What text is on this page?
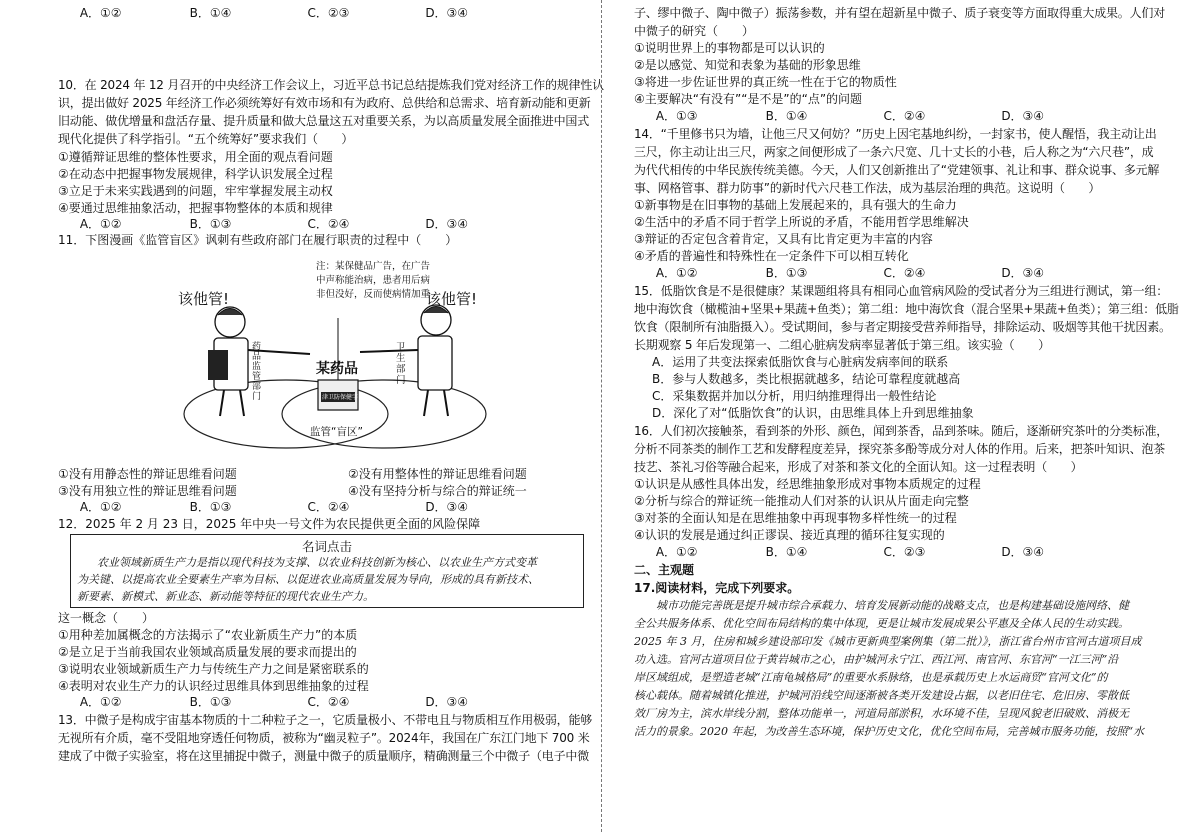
A．①②	B．①④	C．②③	D．③④
10．在 2024 年 12 月召开的中央经济工作会议上，习近平总书记总结提炼我们党对经济工作的规律性认
识，提出做好 2025 年经济工作必须统筹好有效市场和有为政府、总供给和总需求、培育新动能和更新
旧动能、做优增量和盘活存量、提升质量和做大总量这五对重要关系，为以高质量发展全面推进中国式
现代化提供了科学指引。“五个统筹好”要求我们（　　）
①遵循辩证思维的整体性要求，用全面的观点看问题
②在动态中把握事物发展规律，科学认识发展全过程
③立足于未来实践遇到的问题，牢牢掌握发展主动权
④要通过思维抽象活动，把握事物整体的本质和规律
A．①②	B．①③	C．②④	D．③④
11．下图漫画《监管盲区》讽刺有些政府部门在履行职责的过程中（　　）
注：某保健品广告，在广告
中声称能治病，患者用后病
非但没好，反而使病情加重
该他管!	该他管!
药品监管部门
卫生部门
某药品
津卫防保健字
监管“盲区”
①没有用静态性的辩证思维看问题	②没有用整体性的辩证思维看问题
③没有用独立性的辩证思维看问题	④没有坚持分析与综合的辩证统一
A．①②	B．①③	C．②④	D．③④
12．2025 年 2 月 23 日，2025 年中央一号文件为农民提供更全面的风险保障
名词点击
农业领域新质生产力是指以现代科技为支撑、以农业科技创新为核心、以农业生产方式变革
为关键、以提高农业全要素生产率为目标、以促进农业高质量发展为导向，形成的具有新技术、
新要素、新模式、新业态、新动能等特征的现代农业生产力。
这一概念（　　）
①用种差加属概念的方法揭示了“农业新质生产力”的本质
②是立足于当前我国农业领域高质量发展的要求而提出的
③说明农业领域新质生产力与传统生产力之间是紧密联系的
④表明对农业生产力的认识经过思维具体到思维抽象的过程
A．①②	B．①③	C．②④	D．③④
13．中微子是构成宇宙基本物质的十二种粒子之一，它质量极小、不带电且与物质相互作用极弱，能够
无视所有介质，毫不受阻地穿透任何物质，被称为“幽灵粒子”。2024年，我国在广东江门地下 700 米
建成了中微子实验室，将在这里捕捉中微子，测量中微子的质量顺序，精确测量三个中微子（电子中微
子、缪中微子、陶中微子）振荡参数，并有望在超新星中微子、质子衰变等方面取得重大成果。人们对
中微子的研究（　　）
①说明世界上的事物都是可以认识的
②是以感觉、知觉和表象为基础的形象思维
③将进一步佐证世界的真正统一性在于它的物质性
④主要解决“有没有”“是不是”的“点”的问题
A．①③	B．①④	C．②④	D．③④
14．“千里修书只为墙，让他三尺又何妨？”历史上因宅基地纠纷，一封家书，使人醒悟，我主动让出
三尺，你主动让出三尺，两家之间便形成了一条六尺宽、几十丈长的小巷，后人称之为“六尺巷”，成
为代代相传的中华民族传统美德。今天，人们又创新推出了“党建领事、礼让和事、群众说事、多元解
事、网格管事、群力防事”的新时代六尺巷工作法，成为基层治理的典范。这说明（　　）
①新事物是在旧事物的基础上发展起来的，具有强大的生命力
②生活中的矛盾不同于哲学上所说的矛盾，不能用哲学思维解决
③辩证的否定包含着肯定，又具有比肯定更为丰富的内容
④矛盾的普遍性和特殊性在一定条件下可以相互转化
A．①②	B．①③	C．②④	D．③④
15．低脂饮食是不是很健康？某课题组将具有相同心血管病风险的受试者分为三组进行测试，第一组：
地中海饮食（橄榄油+坚果+果蔬+鱼类）；第二组：地中海饮食（混合坚果+果蔬+鱼类）；第三组：低脂
饮食（限制所有油脂摄入）。受试期间，参与者定期接受营养师指导，排除运动、吸烟等其他干扰因素。
长期观察 5 年后发现第一、二组心脏病发病率显著低于第三组。该实验（　　）
A．运用了共变法探索低脂饮食与心脏病发病率间的联系
B．参与人数越多，类比根据就越多，结论可靠程度就越高
C．采集数据并加以分析，用归纳推理得出一般性结论
D．深化了对“低脂饮食”的认识，由思维具体上升到思维抽象
16．人们初次接触茶，看到茶的外形、颜色，闻到茶香，品到茶味。随后，逐渐研究茶叶的分类标准，
分析不同茶类的制作工艺和发酵程度差异，探究茶多酚等成分对人体的作用。后来，把茶叶知识、泡茶
技艺、茶礼习俗等融合起来，形成了对茶和茶文化的全面认知。这一过程表明（　　）
①认识是从感性具体出发，经思维抽象形成对事物本质规定的过程
②分析与综合的辩证统一能推动人们对茶的认识从片面走向完整
③对茶的全面认知是在思维抽象中再现事物多样性统一的过程
④认识的发展是通过纠正谬误、接近真理的循环往复实现的
A．①②	B．①④	C．②③	D．③④
二、主观题
17.阅读材料，完成下列要求。
城市功能完善既是提升城市综合承载力、培育发展新动能的战略支点，也是构建基础设施网络、健
全公共服务体系、优化空间布局结构的集中体现，更是让城市发展成果公平惠及全体人民的生动实践。
2025 年 3 月，住房和城乡建设部印发《城市更新典型案例集（第二批）》，浙江省台州市官河古道项目成
功入选。官河古道项目位于黄岩城市之心，由护城河永宁江、西江河、南官河、东官河“一江三河”沿
岸区域组成，是塑造老城“江南龟城格局”的重要水系脉络，也是承载历史上水运商贸“官河文化”的
核心载体。随着城镇化推进，护城河沿线空间逐渐被各类开发建设占据，以老旧住宅、危旧房、零散低
效厂房为主，滨水岸线分割，整体功能单一，河道局部淤积，水环境不佳，呈现风貌老旧破败、消极无
活力的景象。2020 年起，为改善生态环境，保护历史文化，优化空间布局，完善城市服务功能，按照“水
